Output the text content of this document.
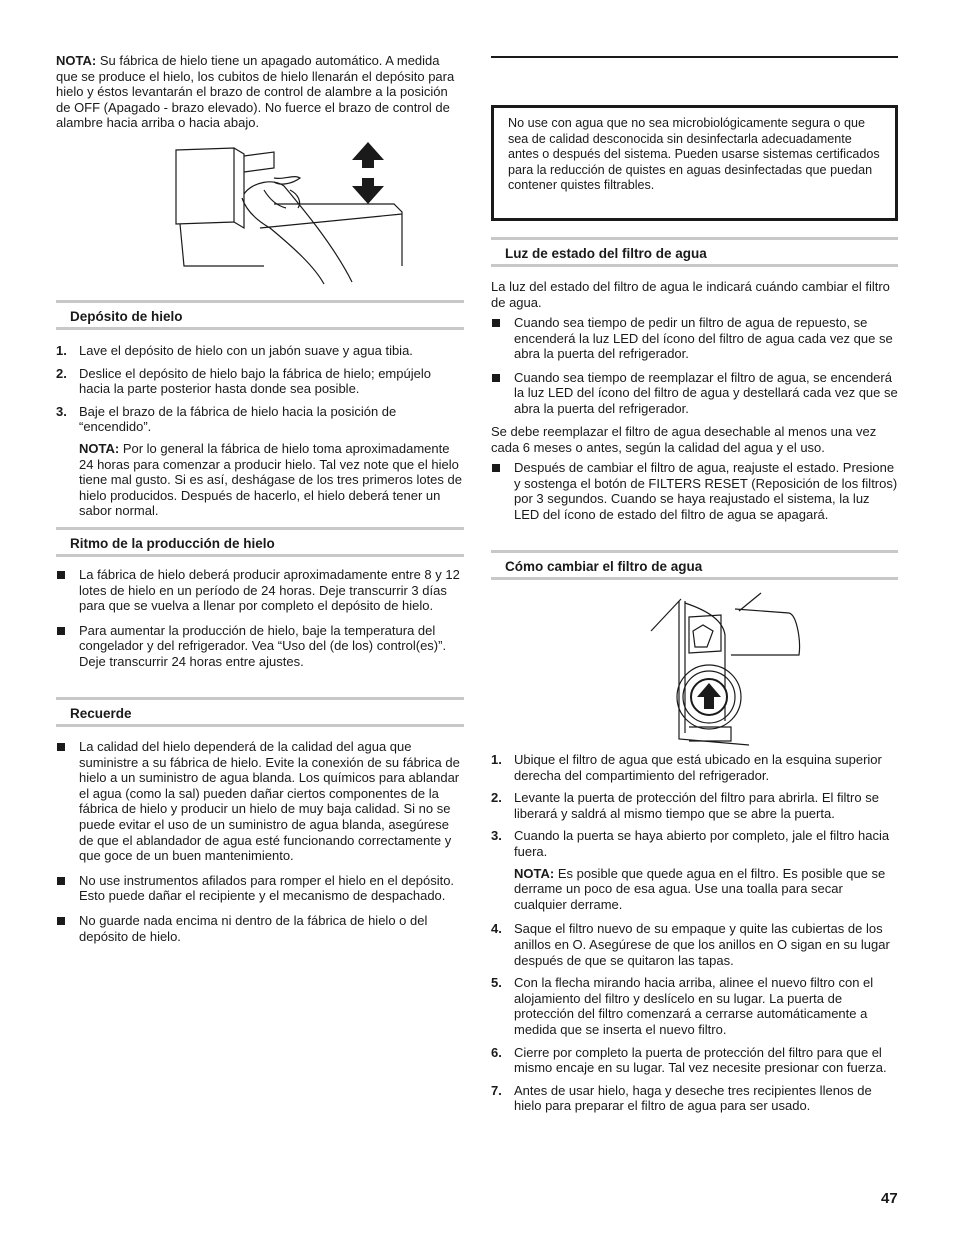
NOTA: Su fábrica de hielo tiene un apagado automático. A medida que se produce el hielo, los cubitos de hielo llenarán el depósito para hielo y éstos levantarán el brazo de control de alambre a la posición de OFF (Apagado - brazo elevado). No fuerce el brazo de control de alambre hacia arriba o hacia abajo.

Depósito de hielo
1. Lave el depósito de hielo con un jabón suave y agua tibia.
2. Deslice el depósito de hielo bajo la fábrica de hielo; empújelo hacia la parte posterior hasta donde sea posible.
3. Baje el brazo de la fábrica de hielo hacia la posición de “encendido”.

NOTA: Por lo general la fábrica de hielo toma aproximadamente 24 horas para comenzar a producir hielo. Tal vez note que el hielo tiene mal gusto. Si es así, deshágase de los tres primeros lotes de hielo producidos. Después de hacerlo, el hielo deberá tener un sabor normal.

Ritmo de la producción de hielo
La fábrica de hielo deberá producir aproximadamente entre 8 y 12 lotes de hielo en un período de 24 horas. Deje transcurrir 3 días para que se vuelva a llenar por completo el depósito de hielo.
Para aumentar la producción de hielo, baje la temperatura del congelador y del refrigerador. Vea “Uso del (de los) control(es)”. Deje transcurrir 24 horas entre ajustes.
Recuerde
La calidad del hielo dependerá de la calidad del agua que suministre a su fábrica de hielo. Evite la conexión de su fábrica de hielo a un suministro de agua blanda. Los químicos para ablandar el agua (como la sal) pueden dañar ciertos componentes de la fábrica de hielo y producir un hielo de muy baja calidad. Si no se puede evitar el uso de un suministro de agua blanda, asegúrese de que el ablandador de agua esté funcionando correctamente y que goce de un buen mantenimiento.
No use instrumentos afilados para romper el hielo en el depósito. Esto puede dañar el recipiente y el mecanismo de despachado.
No guarde nada encima ni dentro de la fábrica de hielo o del depósito de hielo.
No use con agua que no sea microbiológicamente segura o que sea de calidad desconocida sin desinfectarla adecuadamente antes o después del sistema. Pueden usarse sistemas certificados para la reducción de quistes en aguas desinfectadas que puedan contener quistes filtrables.
Luz de estado del filtro de agua

La luz del estado del filtro de agua le indicará cuándo cambiar el filtro de agua.

Cuando sea tiempo de pedir un filtro de agua de repuesto, se encenderá la luz LED del ícono del filtro de agua cada vez que se abra la puerta del refrigerador.
Cuando sea tiempo de reemplazar el filtro de agua, se encenderá la luz LED del ícono del filtro de agua y destellará cada vez que se abra la puerta del refrigerador.

Se debe reemplazar el filtro de agua desechable al menos una vez cada 6 meses o antes, según la calidad del agua y el uso.

Después de cambiar el filtro de agua, reajuste el estado. Presione y sostenga el botón de FILTERS RESET (Reposición de los filtros) por 3 segundos. Cuando se haya reajustado el sistema, la luz LED del ícono de estado del filtro de agua se apagará.
Cómo cambiar el filtro de agua
1. Ubique el filtro de agua que está ubicado en la esquina superior derecha del compartimiento del refrigerador.
2. Levante la puerta de protección del filtro para abrirla. El filtro se liberará y saldrá al mismo tiempo que se abre la puerta.
3. Cuando la puerta se haya abierto por completo, jale el filtro hacia fuera.

NOTA: Es posible que quede agua en el filtro. Es posible que se derrame un poco de esa agua. Use una toalla para secar cualquier derrame.

4. Saque el filtro nuevo de su empaque y quite las cubiertas de los anillos en O. Asegúrese de que los anillos en O sigan en su lugar después de que se quitaron las tapas.
5. Con la flecha mirando hacia arriba, alinee el nuevo filtro con el alojamiento del filtro y deslícelo en su lugar. La puerta de protección del filtro comenzará a cerrarse automáticamente a medida que se inserta el nuevo filtro.
6. Cierre por completo la puerta de protección del filtro para que el mismo encaje en su lugar. Tal vez necesite presionar con fuerza.
7. Antes de usar hielo, haga y deseche tres recipientes llenos de hielo para preparar el filtro de agua para ser usado.
47
